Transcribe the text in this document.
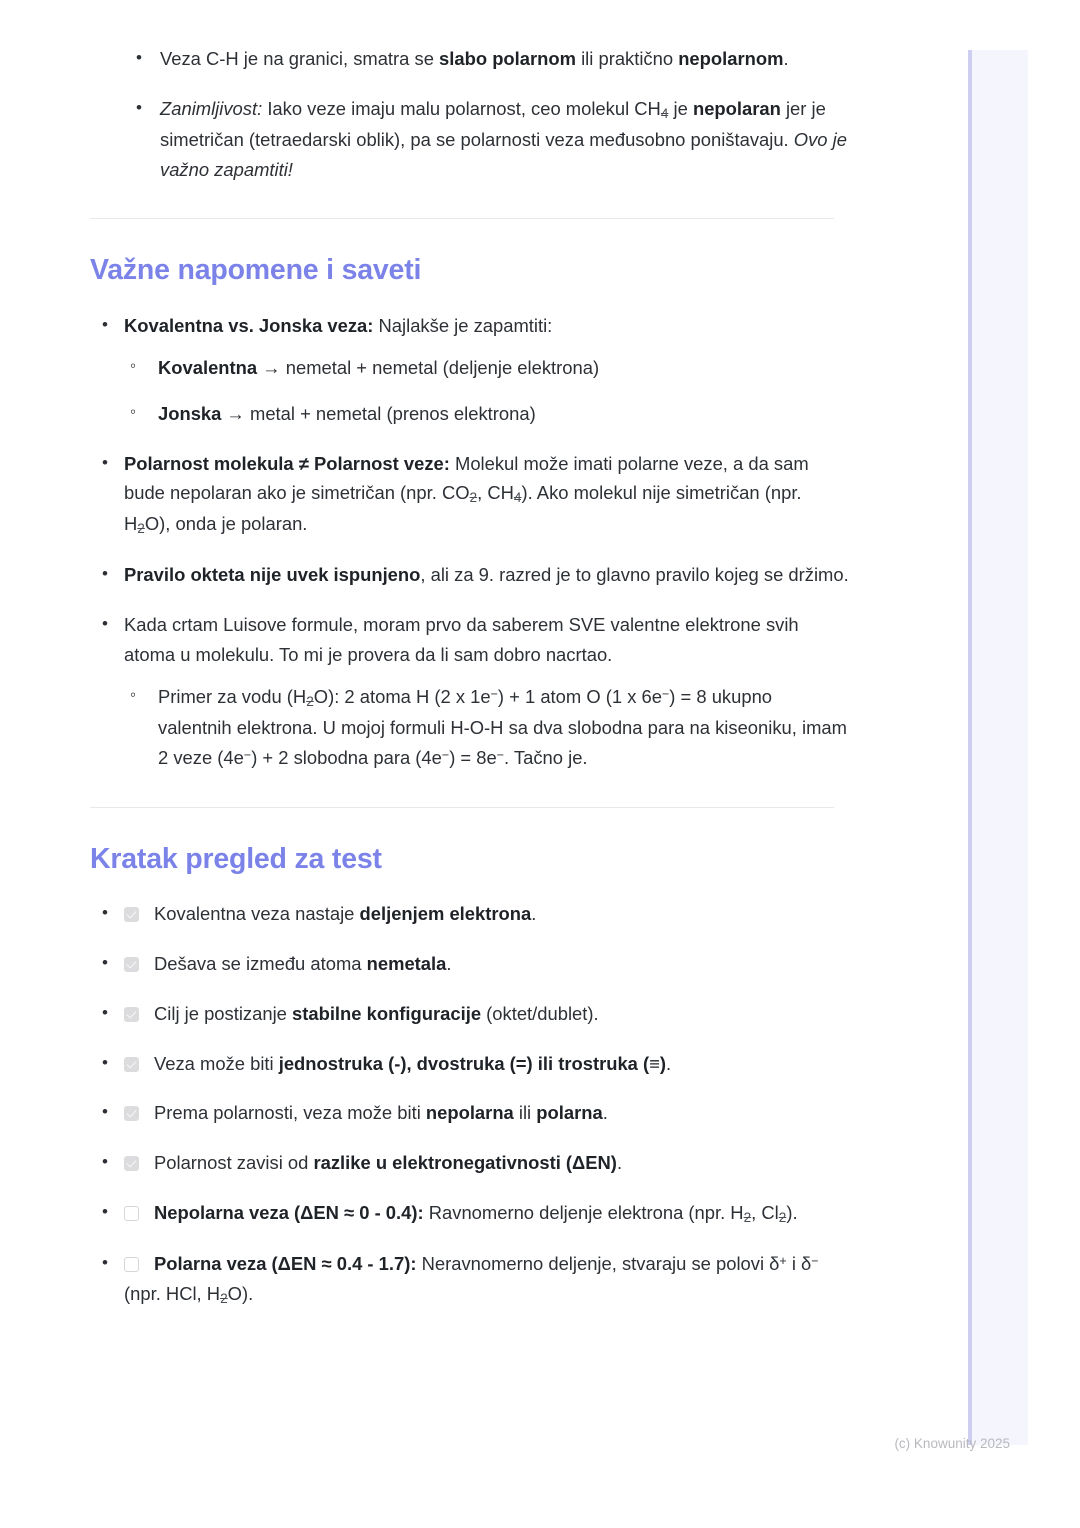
• Veza C-H je na granici, smatra se slabo polarnom ili praktično nepolarnom.
• Zanimljivost: Iako veze imaju malu polarnost, ceo molekul $CH_4$ je nepolaran jer je simetričan (tetraedarski oblik), pa se polarnosti veza međusobno poništavaju. Ovo je važno zapamtiti!
Važne napomene i saveti
• Kovalentna vs. Jonska veza: Najlakše je zapamtiti:
◦ Kovalentna → nemetal + nemetal (deljenje elektrona)
◦ Jonska → metal + nemetal (prenos elektrona)
• Polarnost molekula ≠ Polarnost veze: Molekul može imati polarne veze, a da sam bude nepolaran ako je simetričan (npr. $CO_2$, $CH_4$). Ako molekul nije simetričan (npr. $H_2O$), onda je polaran.
• Pravilo okteta nije uvek ispunjeno, ali za 9. razred je to glavno pravilo kojeg se držimo.
• Kada crtam Luisove formule, moram prvo da saberem SVE valentne elektrone svih atoma u molekulu. To mi je provera da li sam dobro nacrtao.
◦ Primer za vodu $(H_2O)$: 2 atoma H (2 x 1e−) + 1 atom O (1 x 6e−) = 8 ukupno valentnih elektrona. U mojoj formuli H-O-H sa dva slobodna para na kiseoniku, imam 2 veze (4e−) + 2 slobodna para (4e−) = 8e−. Tačno je.
Kratak pregled za test
• Kovalentna veza nastaje deljenjem elektrona.
• Dešava se između atoma nemetala.
• Cilj je postizanje stabilne konfiguracije (oktet/dublet).
• Veza može biti jednostruka (-), dvostruka (=) ili trostruka (≡).
• Prema polarnosti, veza može biti nepolarna ili polarna.
• Polarnost zavisi od razlike u elektronegativnosti (ΔEN).
• Nepolarna veza (ΔEN ≈ 0 - 0.4): Ravnomerno deljenje elektrona (npr. $H_2$, $Cl_2$).
• Polarna veza (ΔEN ≈ 0.4 - 1.7): Neravnomerno deljenje, stvaraju se polovi δ+ i δ− (npr. HCl, $H_2O$).
(c) Knowunity 2025
